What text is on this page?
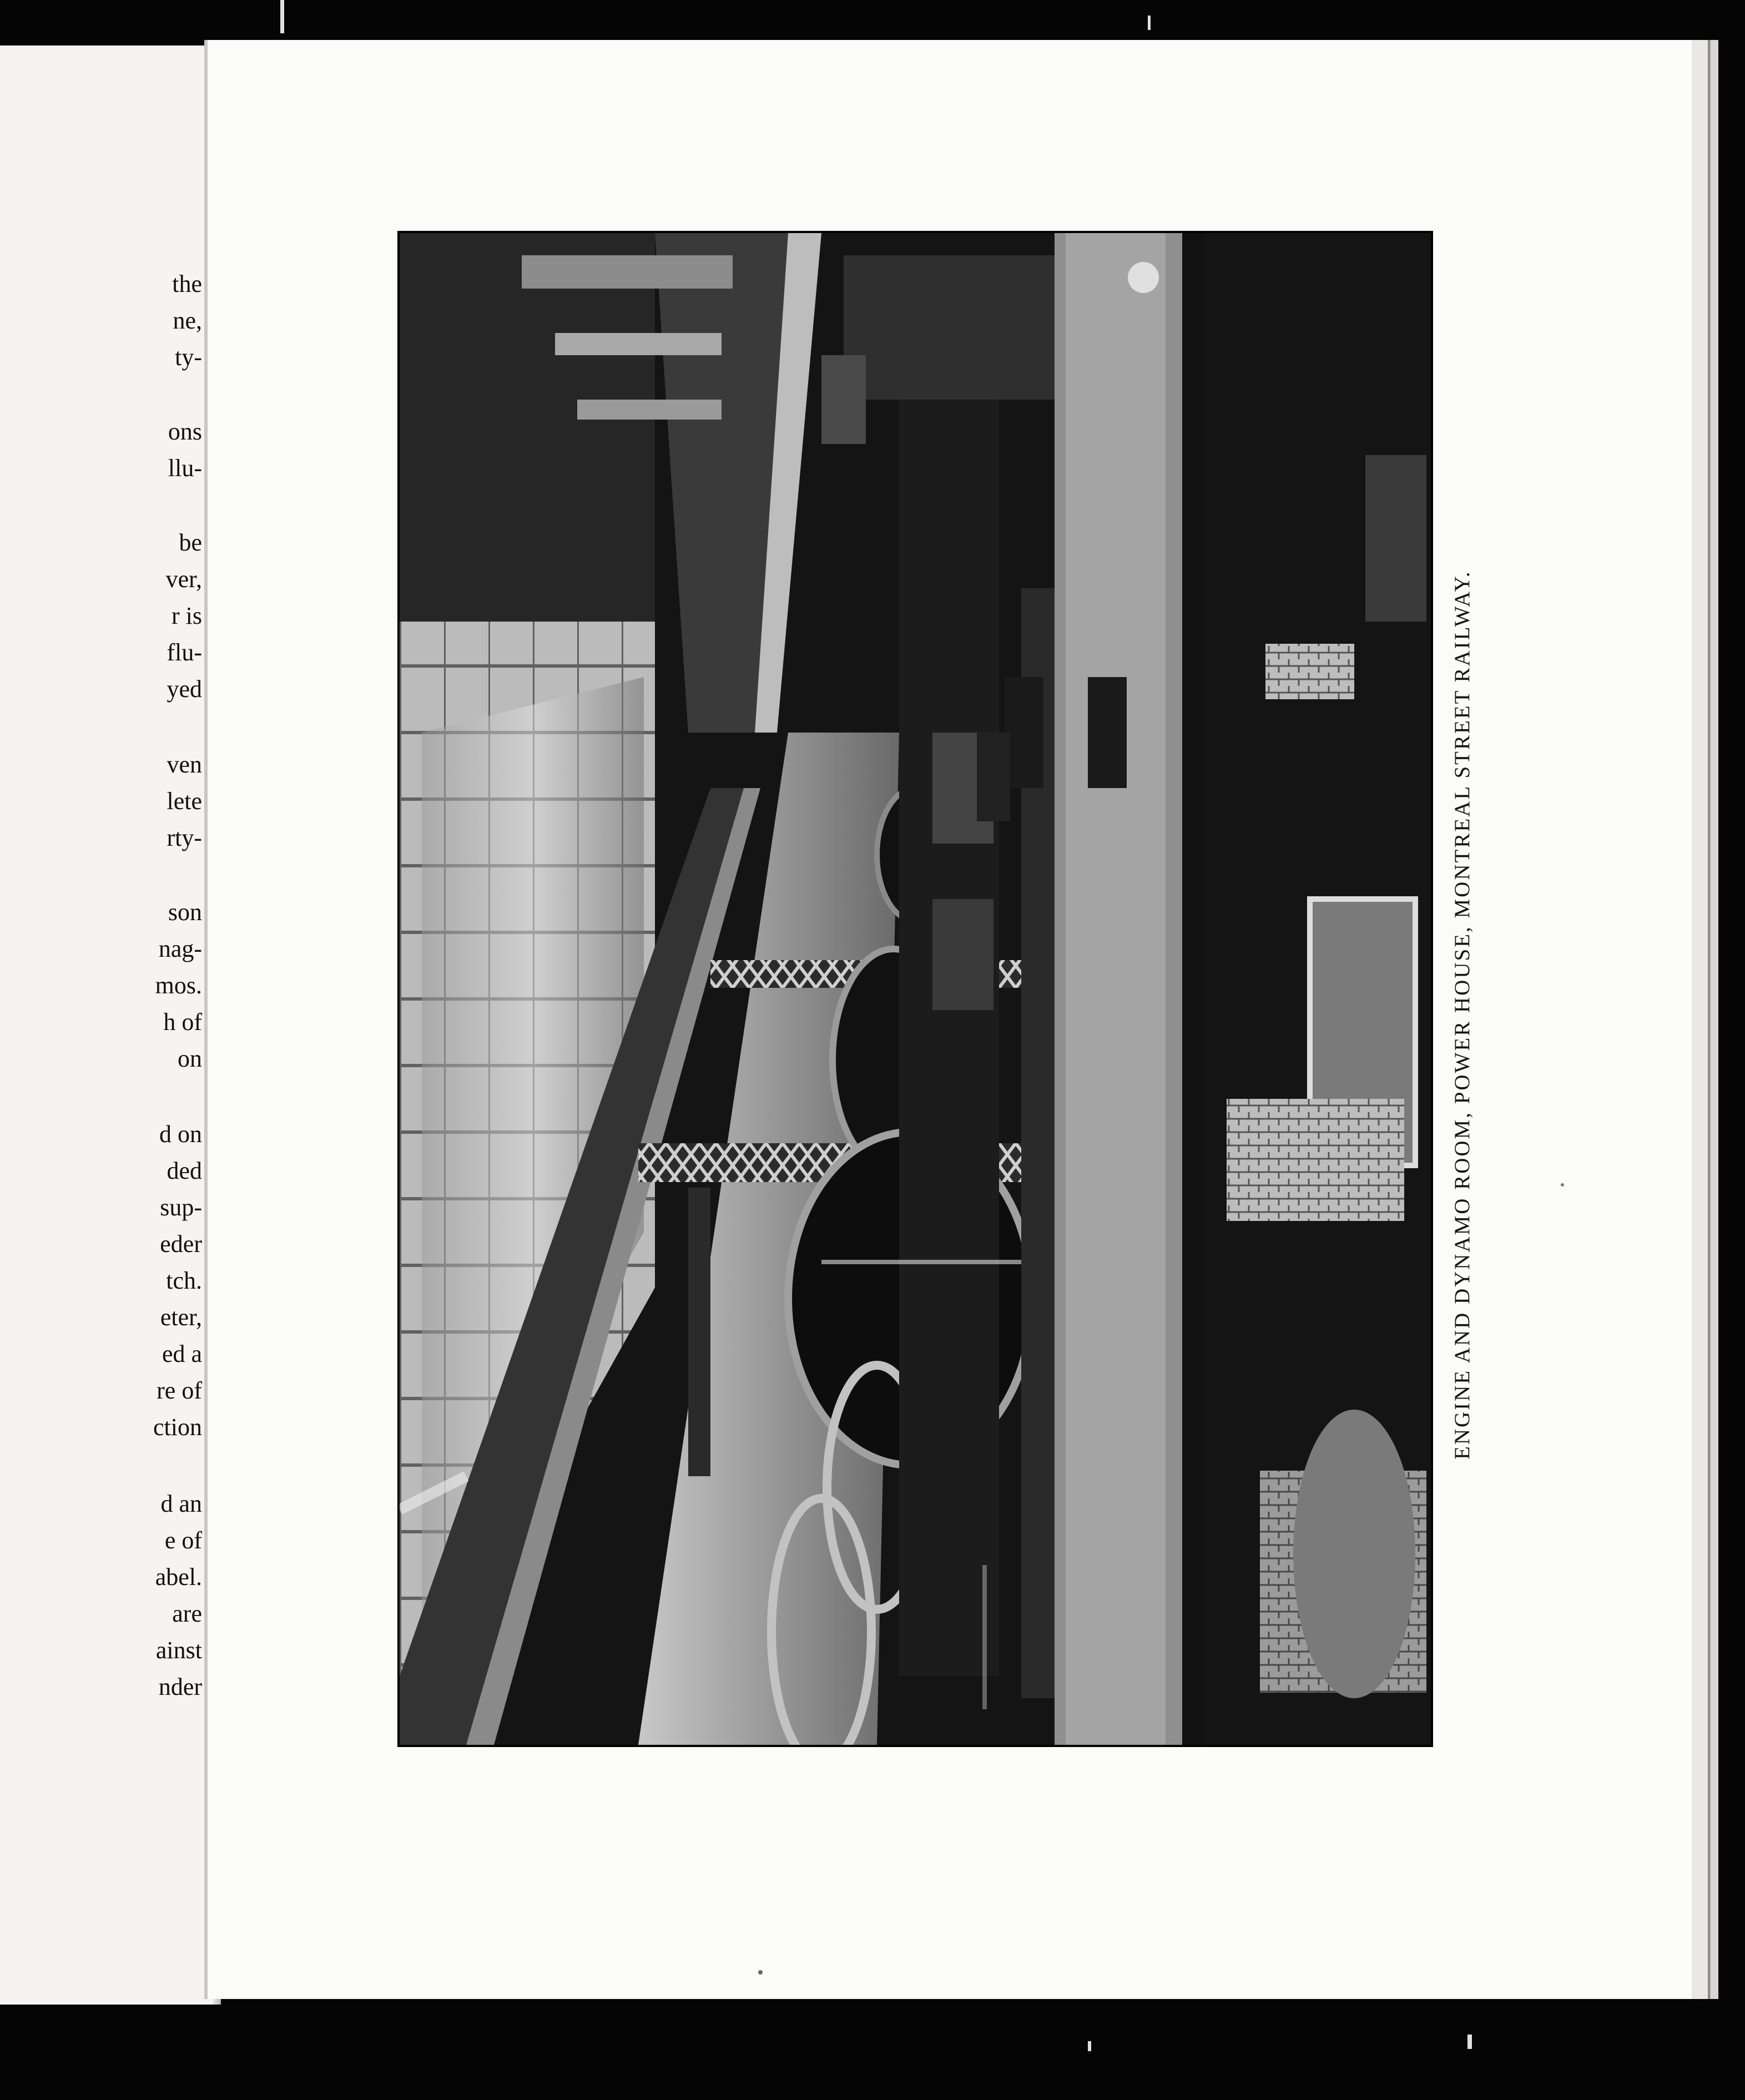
the
ne,
ty-
ons
llu-
be
ver,
r is
flu-
yed
ven
lete
rty-
son
nag-
mos.
h of
on
d on
ded
sup-
eder
tch.
eter,
ed a
re of
ction
d an
e of
abel.
are
ainst
nder
ENGINE AND DYNAMO ROOM, POWER HOUSE, MONTREAL STREET RAILWAY.
